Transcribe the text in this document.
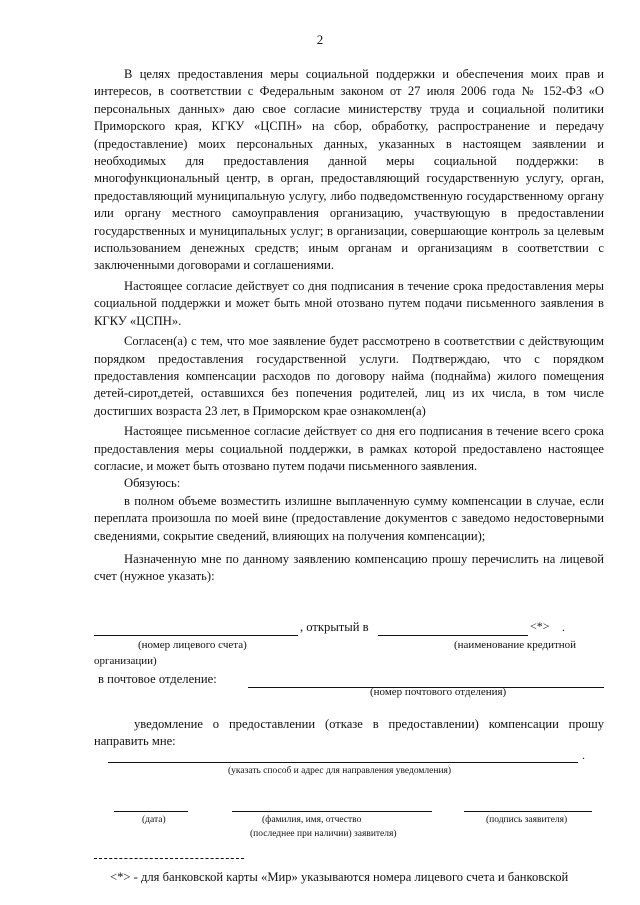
2

В целях предоставления меры социальной поддержки и обеспечения моих прав и интересов, в соответствии с Федеральным законом от 27 июля 2006 года № 152-ФЗ «О персональных данных» даю свое согласие министерству труда и социальной политики Приморского края, КГКУ «ЦСПН» на сбор, обработку, распространение и передачу (предоставление) моих персональных данных, указанных в настоящем заявлении и необходимых для предоставления данной меры социальной поддержки: в многофункциональный центр, в орган, предоставляющий государственную услугу, орган, предоставляющий муниципальную услугу, либо подведомственную государственному органу или органу местного самоуправления организацию, участвующую в предоставлении государственных и муниципальных услуг; в организации, совершающие контроль за целевым использованием денежных средств; иным органам и организациям в соответствии с заключенными договорами и соглашениями.

Настоящее согласие действует со дня подписания в течение срока предоставления меры социальной поддержки и может быть мной отозвано путем подачи письменного заявления в КГКУ «ЦСПН».

Согласен(а) с тем, что мое заявление будет рассмотрено в соответствии с действующим порядком предоставления государственной услуги. Подтверждаю, что с порядком предоставления компенсации расходов по договору найма (поднайма) жилого помещения детей-сирот,детей, оставшихся без попечения родителей, лиц из их числа, в том числе достигших возраста 23 лет, в Приморском крае ознакомлен(а)

Настоящее письменное согласие действует со дня его подписания в течение всего срока предоставления меры социальной поддержки, в рамках которой предоставлено настоящее согласие, и может быть отозвано путем подачи письменного заявления.

Обязуюсь:

в полном объеме возместить излишне выплаченную сумму компенсации в случае, если переплата произошла по моей вине (предоставление документов с заведомо недостоверными сведениями, сокрытие сведений, влияющих на получения компенсации);

Назначенную мне по данному заявлению компенсацию прошу перечислить на лицевой счет (нужное указать):

, открытый в	<*> .
(номер лицевого счета)	(наименование кредитной
организации)
в почтовое отделение:
(номер почтового отделения)
уведомление о предоставлении (отказе в предоставлении) компенсации прошу направить мне:
.
(указать способ и адрес для направления уведомления)
(дата)	(фамилия, имя, отчество
(последнее при наличии) заявителя)
(подпись заявителя)
<*> - для банковской карты «Мир» указываются номера лицевого счета и банковской
